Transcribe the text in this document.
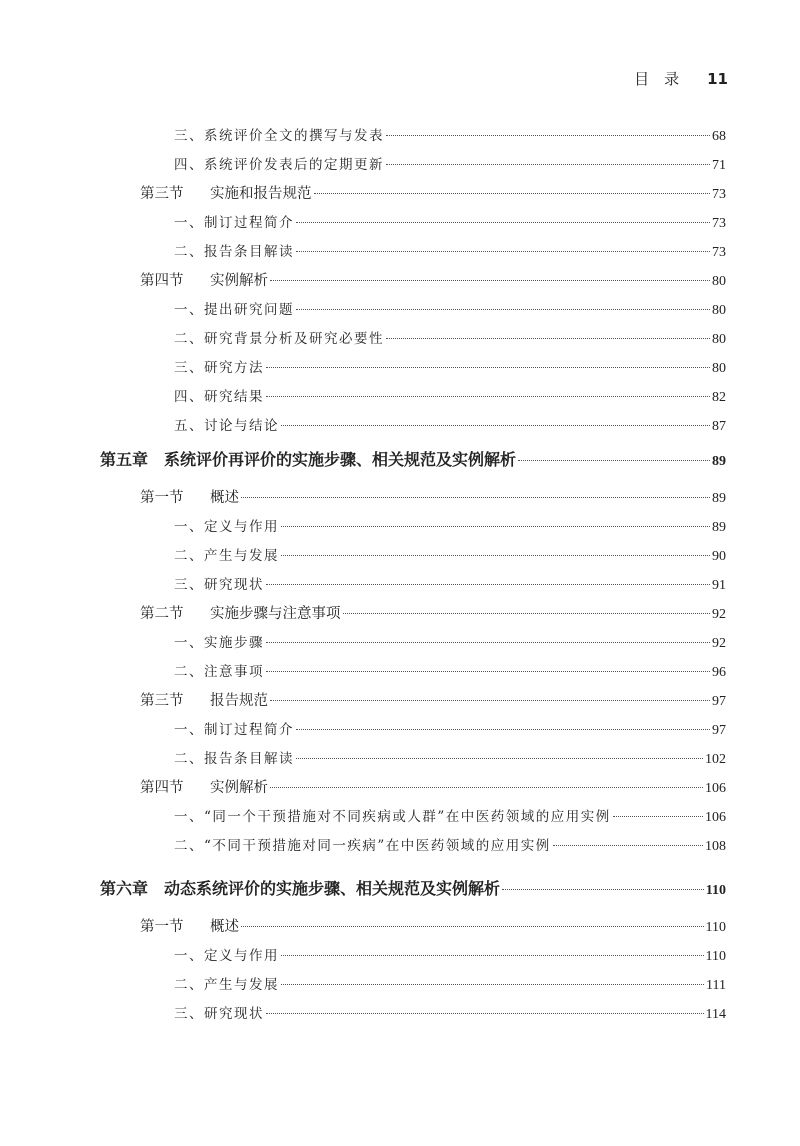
目　录 11
三、系统评价全文的撰写与发表	68
四、系统评价发表后的定期更新	71
第三节 实施和报告规范	73
一、制订过程简介	73
二、报告条目解读	73
第四节 实例解析	80
一、提出研究问题	80
二、研究背景分析及研究必要性	80
三、研究方法	80
四、研究结果	82
五、讨论与结论	87
第五章　系统评价再评价的实施步骤、相关规范及实例解析	89
第一节 概述	89
一、定义与作用	89
二、产生与发展	90
三、研究现状	91
第二节 实施步骤与注意事项	92
一、实施步骤	92
二、注意事项	96
第三节 报告规范	97
一、制订过程简介	97
二、报告条目解读	102
第四节 实例解析	106
一、“同一个干预措施对不同疾病或人群”在中医药领域的应用实例	106
二、“不同干预措施对同一疾病”在中医药领域的应用实例	108
第六章　动态系统评价的实施步骤、相关规范及实例解析	110
第一节 概述	110
一、定义与作用	110
二、产生与发展	111
三、研究现状	114
